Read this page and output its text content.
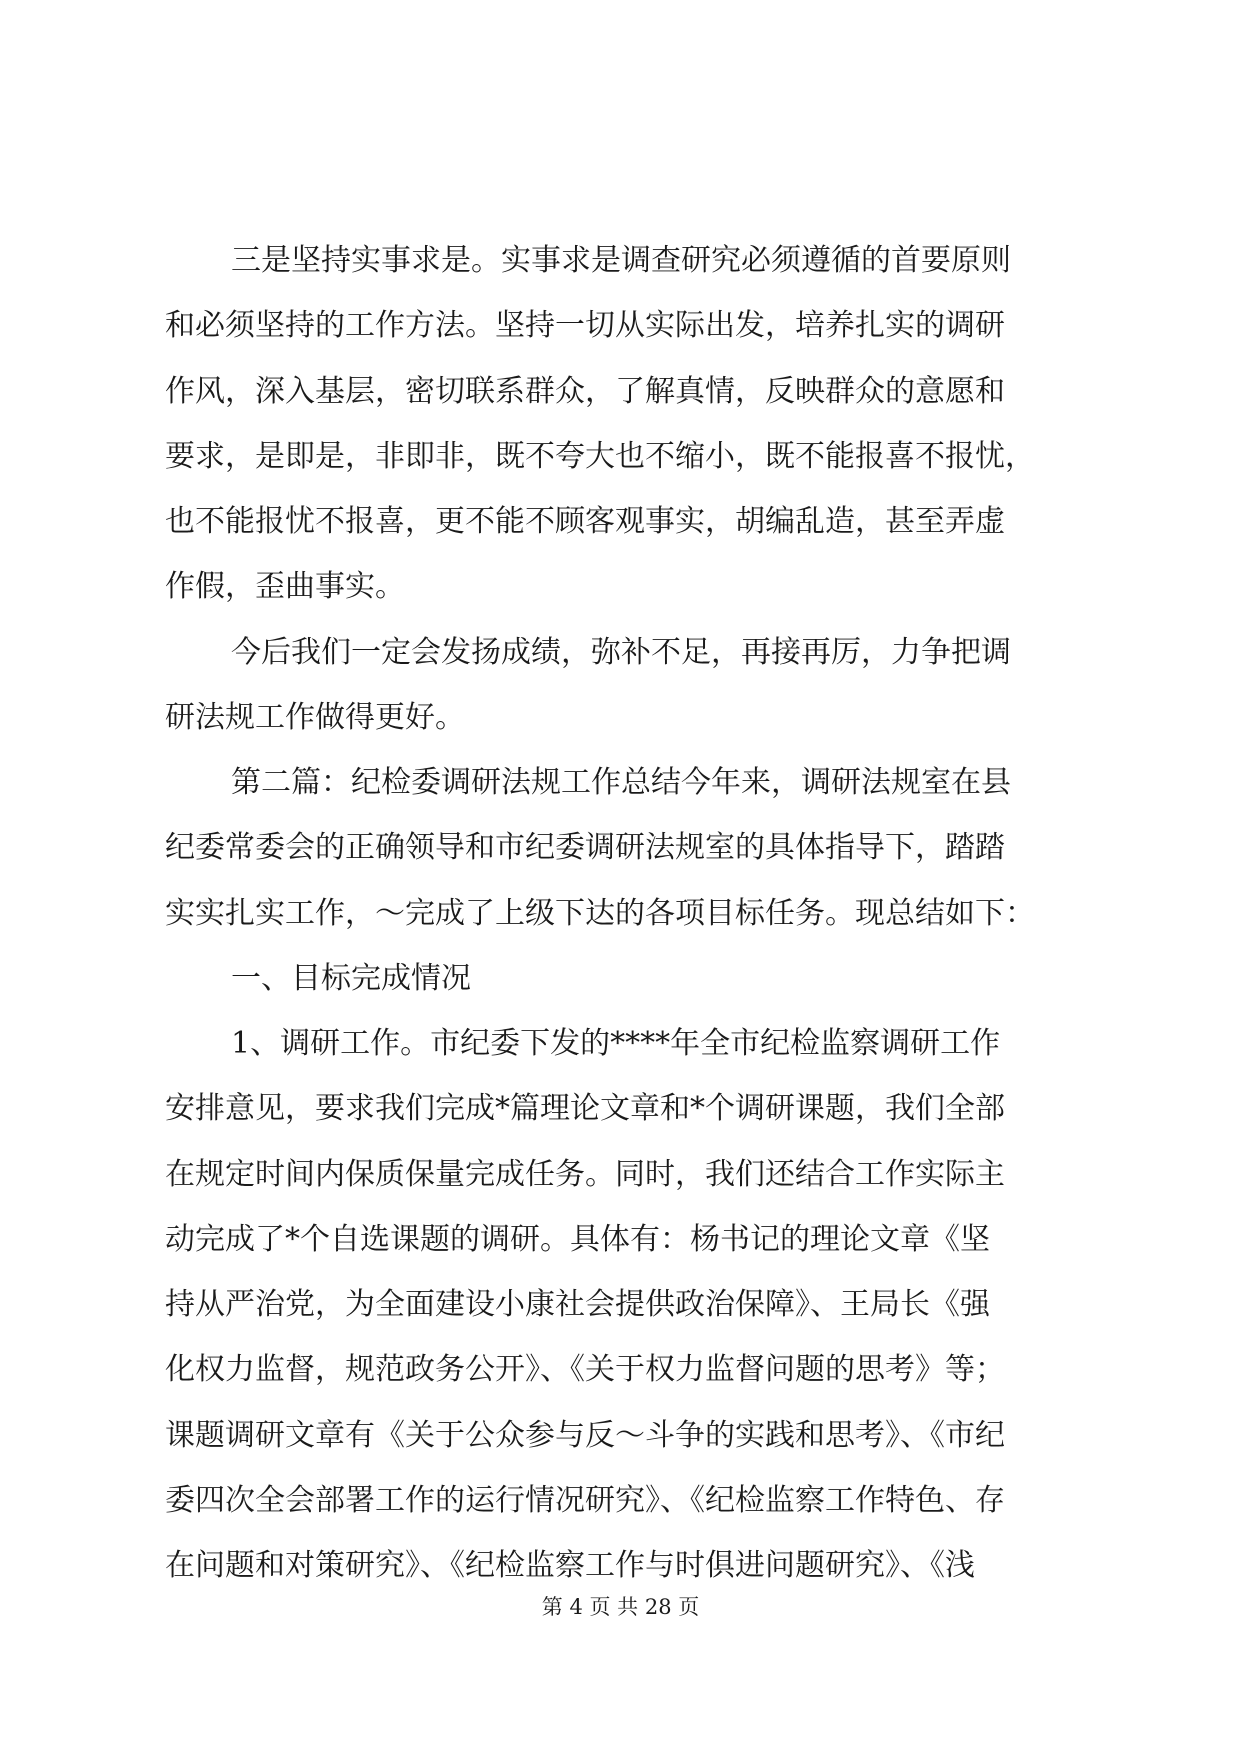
三是坚持实事求是。实事求是调查研究必须遵循的首要原则
和必须坚持的工作方法。坚持一切从实际出发，培养扎实的调研
作风，深入基层，密切联系群众，了解真情，反映群众的意愿和
要求，是即是，非即非，既不夸大也不缩小，既不能报喜不报忧，
也不能报忧不报喜，更不能不顾客观事实，胡编乱造，甚至弄虚
作假，歪曲事实。
今后我们一定会发扬成绩，弥补不足，再接再厉，力争把调
研法规工作做得更好。
第二篇：纪检委调研法规工作总结今年来，调研法规室在县
纪委常委会的正确领导和市纪委调研法规室的具体指导下，踏踏
实实扎实工作，～完成了上级下达的各项目标任务。现总结如下：
一、目标完成情况
1、调研工作。市纪委下发的****年全市纪检监察调研工作
安排意见，要求我们完成*篇理论文章和*个调研课题，我们全部
在规定时间内保质保量完成任务。同时，我们还结合工作实际主
动完成了*个自选课题的调研。具体有：杨书记的理论文章《坚
持从严治党，为全面建设小康社会提供政治保障》、王局长《强
化权力监督，规范政务公开》、《关于权力监督问题的思考》等；
课题调研文章有《关于公众参与反～斗争的实践和思考》、《市纪
委四次全会部署工作的运行情况研究》、《纪检监察工作特色、存
在问题和对策研究》、《纪检监察工作与时俱进问题研究》、《浅
第 4 页 共 28 页
